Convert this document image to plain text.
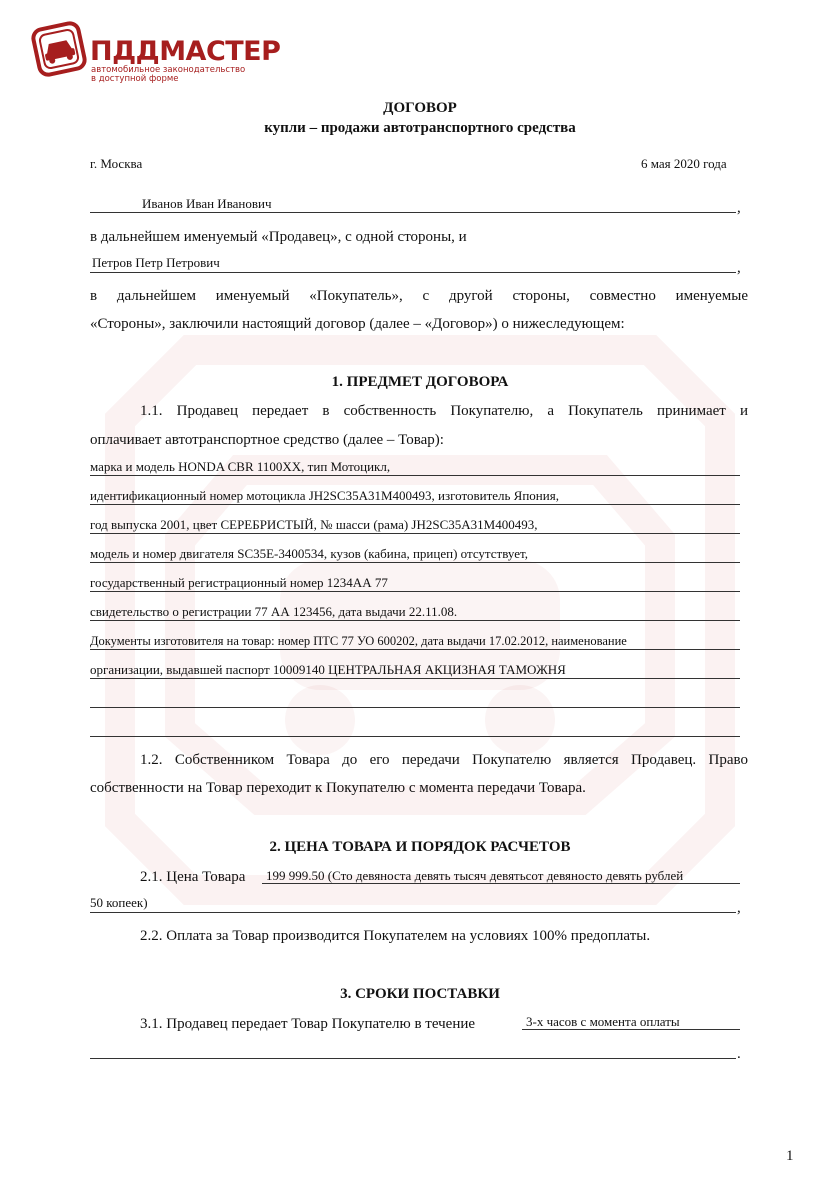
ПДДМАСТЕР
автомобильное законодательство
в доступной форме
ДОГОВОР
купли – продажи автотранспортного средства
г. Москва	6 мая 2020 года
Иванов Иван Иванович	,
в дальнейшем именуемый «Продавец», с одной стороны, и
Петров Петр Петрович	,
в дальнейшем именуемый «Покупатель», с другой стороны, совместно именуемые
«Стороны», заключили настоящий договор (далее – «Договор») о нижеследующем:
1. ПРЕДМЕТ ДОГОВОРА
1.1. Продавец передает в собственность Покупателю, а Покупатель принимает и
оплачивает автотранспортное средство (далее – Товар):
марка и модель HONDA CBR 1100XX, тип Мотоцикл,
идентификационный номер мотоцикла JH2SC35A31M400493, изготовитель Япония,
год выпуска 2001, цвет СЕРЕБРИСТЫЙ, № шасси (рама) JH2SC35A31M400493,
модель и номер двигателя SC35E-3400534, кузов (кабина, прицеп) отсутствует,
государственный регистрационный номер 1234АА 77
свидетельство о регистрации 77 АА 123456, дата выдачи 22.11.08.
Документы изготовителя на товар: номер ПТС 77 УО 600202, дата выдачи 17.02.2012, наименование
организации, выдавшей паспорт 10009140 ЦЕНТРАЛЬНАЯ АКЦИЗНАЯ ТАМОЖНЯ
1.2. Собственником Товара до его передачи Покупателю является Продавец. Право
собственности на Товар переходит к Покупателю с момента передачи Товара.
2. ЦЕНА ТОВАРА И ПОРЯДОК РАСЧЕТОВ
2.1. Цена Товара 199 999.50 (Сто девяноста девять тысяч девятьсот девяносто девять рублей
50 копеек)	,
2.2. Оплата за Товар производится Покупателем на условиях 100% предоплаты.
3. СРОКИ ПОСТАВКИ
3.1. Продавец передает Товар Покупателю в течение	3-х часов с момента оплаты
.
1
